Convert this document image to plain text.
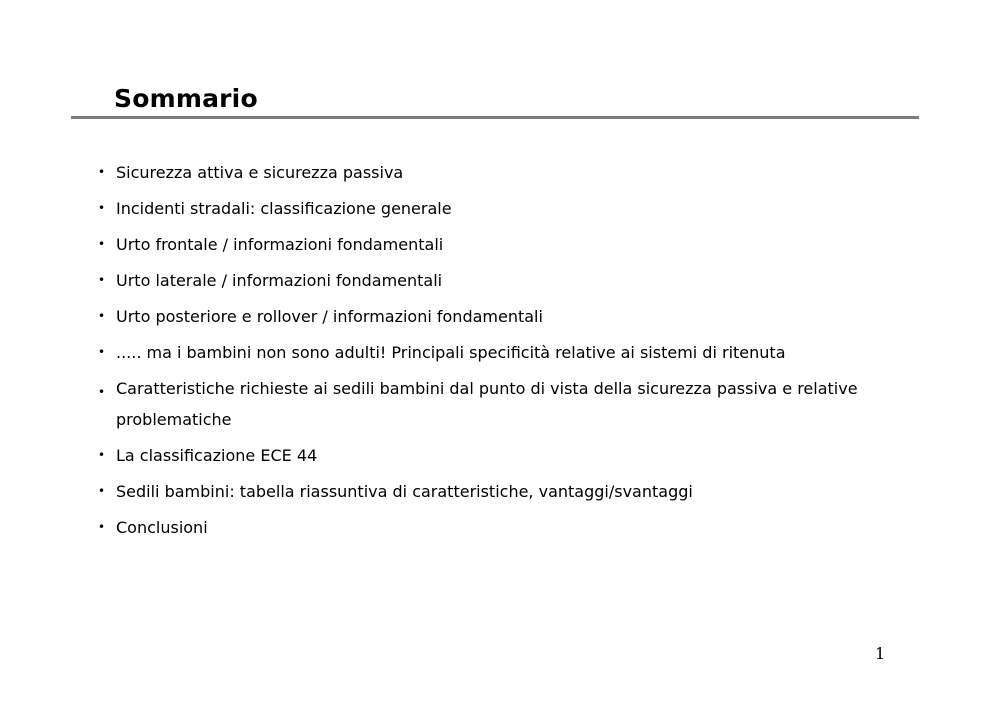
Sommario
• Sicurezza attiva e sicurezza passiva
• Incidenti stradali: classificazione generale
• Urto frontale / informazioni fondamentali
• Urto laterale / informazioni fondamentali
• Urto posteriore e rollover / informazioni fondamentali
• ..... ma i bambini non sono adulti! Principali specificità relative ai sistemi di ritenuta
• Caratteristiche richieste ai sedili bambini dal punto di vista della sicurezza passiva e relative problematiche
• La classificazione ECE 44
• Sedili bambini: tabella riassuntiva di caratteristiche, vantaggi/svantaggi
• Conclusioni
1
